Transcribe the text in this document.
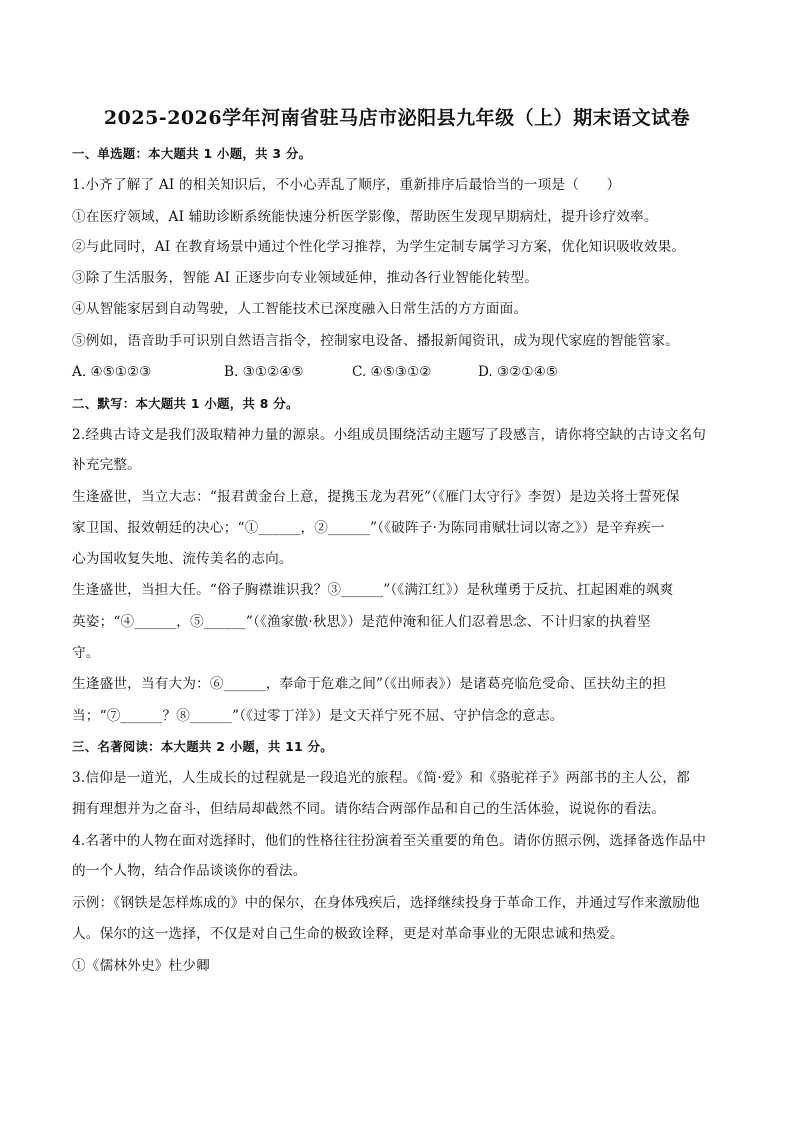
2025-2026学年河南省驻马店市泌阳县九年级（上）期末语文试卷
一、单选题：本大题共 1 小题，共 3 分。
1.小齐了解了 AI 的相关知识后，不小心弄乱了顺序，重新排序后最恰当的一项是（　　）
①在医疗领域，AI 辅助诊断系统能快速分析医学影像，帮助医生发现早期病灶，提升诊疗效率。
②与此同时，AI 在教育场景中通过个性化学习推荐，为学生定制专属学习方案，优化知识吸收效果。
③除了生活服务，智能 AI 正逐步向专业领域延伸，推动各行业智能化转型。
④从智能家居到自动驾驶，人工智能技术已深度融入日常生活的方方面面。
⑤例如，语音助手可识别自然语言指令，控制家电设备、播报新闻资讯，成为现代家庭的智能管家。
A. ④⑤①②③	B. ③①②④⑤	C. ④⑤③①②	D. ③②①④⑤
二、默写：本大题共 1 小题，共 8 分。
2.经典古诗文是我们汲取精神力量的源泉。小组成员围绕活动主题写了段感言，请你将空缺的古诗文名句
补充完整。
生逢盛世，当立大志：“报君黄金台上意，提携玉龙为君死”（《雁门太守行》李贺）是边关将士誓死保
家卫国、报效朝廷的决心；“①______，②______”（《破阵子·为陈同甫赋壮词以寄之》）是辛弃疾一
心为国收复失地、流传美名的志向。
生逢盛世，当担大任。“俗子胸襟谁识我？③______”（《满江红》）是秋瑾勇于反抗、扛起困难的飒爽
英姿；“④______，⑤______”（《渔家傲·秋思》）是范仲淹和征人们忍着思念、不计归家的执着坚
守。
生逢盛世，当有大为：⑥______，奉命于危难之间”（《出师表》）是诸葛亮临危受命、匡扶幼主的担
当；“⑦______？⑧______”（《过零丁洋》）是文天祥宁死不屈、守护信念的意志。
三、名著阅读：本大题共 2 小题，共 11 分。
3.信仰是一道光，人生成长的过程就是一段追光的旅程。《简·爱》和《骆驼祥子》两部书的主人公，都
拥有理想并为之奋斗，但结局却截然不同。请你结合两部作品和自己的生活体验，说说你的看法。
4.名著中的人物在面对选择时，他们的性格往往扮演着至关重要的角色。请你仿照示例，选择备选作品中
的一个人物，结合作品谈谈你的看法。
示例：《钢铁是怎样炼成的》中的保尔，在身体残疾后，选择继续投身于革命工作，并通过写作来激励他
人。保尔的这一选择，不仅是对自己生命的极致诠释，更是对革命事业的无限忠诚和热爱。
①《儒林外史》杜少卿
